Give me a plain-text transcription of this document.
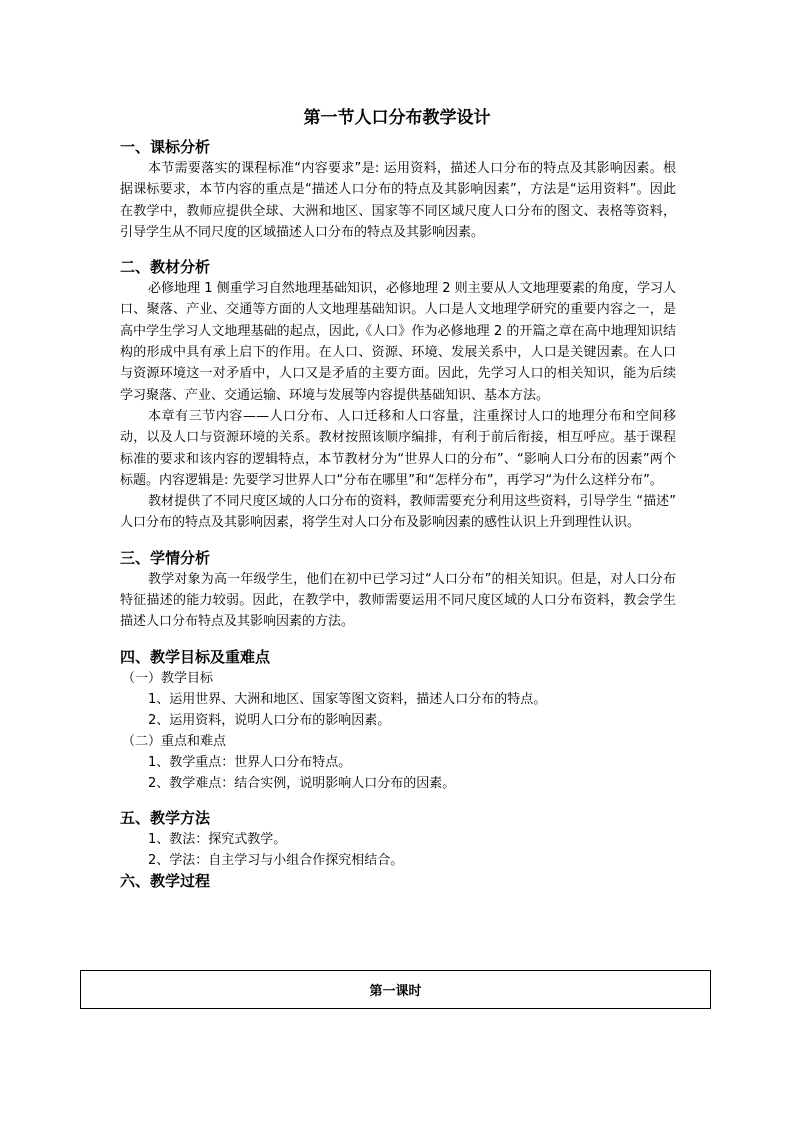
第一节人口分布教学设计
一、课标分析

本节需要落实的课程标准“内容要求”是: 运用资料，描述人口分布的特点及其影响因素。根据课标要求，本节内容的重点是“描述人口分布的特点及其影响因素”，方法是“运用资料”。因此在教学中，教师应提供全球、大洲和地区、国家等不同区域尺度人口分布的图文、表格等资料，引导学生从不同尺度的区域描述人口分布的特点及其影响因素。

二、教材分析

必修地理 1 侧重学习自然地理基础知识，必修地理 2 则主要从人文地理要素的角度，学习人口、聚落、产业、交通等方面的人文地理基础知识。人口是人文地理学研究的重要内容之一，是高中学生学习人文地理基础的起点，因此,《人口》作为必修地理 2 的开篇之章在高中地理知识结构的形成中具有承上启下的作用。在人口、资源、环境、发展关系中，人口是关键因素。在人口与资源环境这一对矛盾中，人口又是矛盾的主要方面。因此，先学习人口的相关知识，能为后续学习聚落、产业、交通运输、环境与发展等内容提供基础知识、基本方法。

本章有三节内容——人口分布、人口迁移和人口容量，注重探讨人口的地理分布和空间移动，以及人口与资源环境的关系。教材按照该顺序编排，有利于前后衔接，相互呼应。基于课程标准的要求和该内容的逻辑特点，本节教材分为“世界人口的分布”、“影响人口分布的因素”两个标题。内容逻辑是: 先要学习世界人口“分布在哪里”和“怎样分布”，再学习“为什么这样分布”。

教材提供了不同尺度区域的人口分布的资料，教师需要充分利用这些资料，引导学生 “描述” 人口分布的特点及其影响因素，将学生对人口分布及影响因素的感性认识上升到理性认识。

三、学情分析

教学对象为高一年级学生，他们在初中已学习过“人口分布”的相关知识。但是，对人口分布特征描述的能力较弱。因此，在教学中，教师需要运用不同尺度区域的人口分布资料，教会学生描述人口分布特点及其影响因素的方法。

四、教学目标及重难点
（一）教学目标
1、运用世界、大洲和地区、国家等图文资料，描述人口分布的特点。
2、运用资料，说明人口分布的影响因素。
（二）重点和难点
1、教学重点：世界人口分布特点。
2、教学难点：结合实例，说明影响人口分布的因素。
五、教学方法
1、教法：探究式教学。
2、学法：自主学习与小组合作探究相结合。
六、教学过程
第一课时
